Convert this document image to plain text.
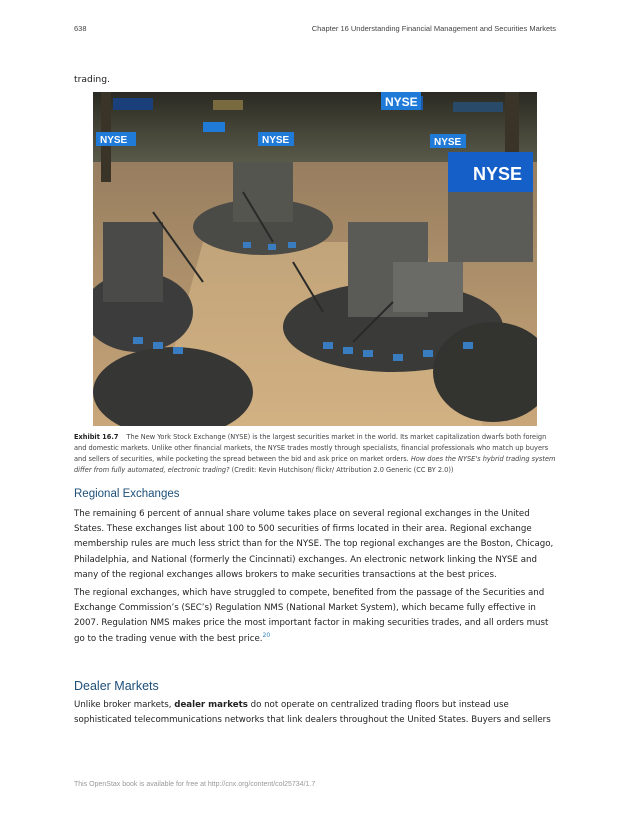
638	Chapter 16 Understanding Financial Management and Securities Markets
trading.
NYSE
NYSE
NYSE
NYSE
NYSE
Exhibit 16.7 The New York Stock Exchange (NYSE) is the largest securities market in the world. Its market capitalization dwarfs both foreign and domestic markets. Unlike other financial markets, the NYSE trades mostly through specialists, financial professionals who match up buyers and sellers of securities, while pocketing the spread between the bid and ask price on market orders. How does the NYSE's hybrid trading system differ from fully automated, electronic trading? (Credit: Kevin Hutchison/ flickr/ Attribution 2.0 Generic (CC BY 2.0))
Regional Exchanges

The remaining 6 percent of annual share volume takes place on several regional exchanges in the United States. These exchanges list about 100 to 500 securities of firms located in their area. Regional exchange membership rules are much less strict than for the NYSE. The top regional exchanges are the Boston, Chicago, Philadelphia, and National (formerly the Cincinnati) exchanges. An electronic network linking the NYSE and many of the regional exchanges allows brokers to make securities transactions at the best prices.

The regional exchanges, which have struggled to compete, benefited from the passage of the Securities and Exchange Commission’s (SEC’s) Regulation NMS (National Market System), which became fully effective in 2007. Regulation NMS makes price the most important factor in making securities trades, and all orders must go to the trading venue with the best price.$^{20}$

Dealer Markets

Unlike broker markets, dealer markets do not operate on centralized trading floors but instead use sophisticated telecommunications networks that link dealers throughout the United States. Buyers and sellers

This OpenStax book is available for free at http://cnx.org/content/col25734/1.7
